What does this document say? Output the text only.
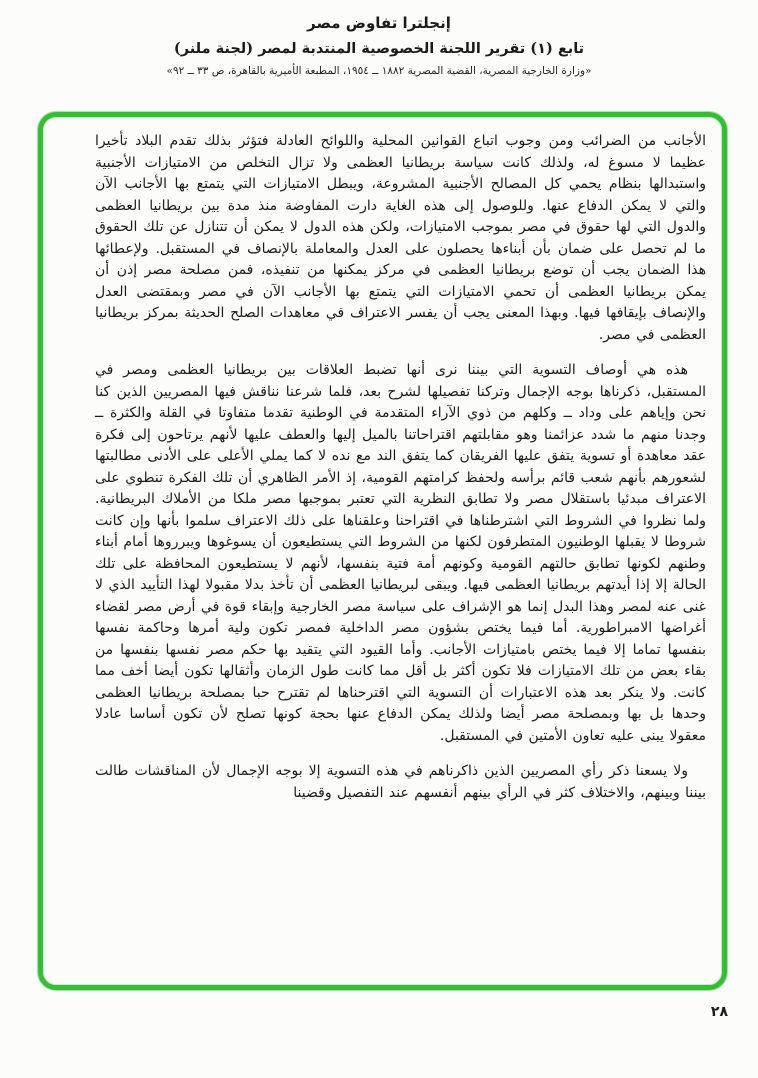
إنجلترا تفاوض مصر
تابع (١) تقرير اللجنة الخصوصية المنتدبة لمصر (لجنة ملنر)
«وزارة الخارجية المصرية، القضية المصرية ١٨٨٢ ــ ١٩٥٤، المطبعة الأميرية بالقاهرة، ص ٣٣ ــ ٩٢»

الأجانب من الضرائب ومن وجوب اتباع القوانين المحلية واللوائح العادلة فتؤثر بذلك تقدم البلاد تأخيرا عظيما لا مسوغ له، ولذلك كانت سياسة بريطانيا العظمى ولا تزال التخلص من الامتيازات الأجنبية واستبدالها بنظام يحمي كل المصالح الأجنبية المشروعة، ويبطل الامتيازات التي يتمتع بها الأجانب الآن والتي لا يمكن الدفاع عنها. وللوصول إلى هذه الغاية دارت المفاوضة منذ مدة بين بريطانيا العظمى والدول التي لها حقوق في مصر بموجب الامتيازات، ولكن هذه الدول لا يمكن أن تتنازل عن تلك الحقوق ما لم تحصل على ضمان بأن أبناءها يحصلون على العدل والمعاملة بالإنصاف في المستقبل. ولإعطائها هذا الضمان يجب أن توضع بريطانيا العظمى في مركز يمكنها من تنفيذه، فمن مصلحة مصر إذن أن يمكن بريطانيا العظمى أن تحمي الامتيازات التي يتمتع بها الأجانب الآن في مصر وبمقتضى العدل والإنصاف بإيقافها فيها. وبهذا المعنى يجب أن يفسر الاعتراف في معاهدات الصلح الحديثة بمركز بريطانيا العظمى في مصر.

هذه هي أوصاف التسوية التي بيننا نرى أنها تضبط العلاقات بين بريطانيا العظمى ومصر في المستقبل، ذكرناها بوجه الإجمال وتركنا تفصيلها لشرح بعد، فلما شرعنا نناقش فيها المصريين الذين كنا نحن وإياهم على وداد ــ وكلهم من ذوي الآراء المتقدمة في الوطنية تقدما متفاوتا في القلة والكثرة ــ وجدنا منهم ما شدد عزائمنا وهو مقابلتهم اقتراحاتنا بالميل إليها والعطف عليها لأنهم يرتاحون إلى فكرة عقد معاهدة أو تسوية يتفق عليها الفريقان كما يتفق الند مع نده لا كما يملي الأعلى على الأدنى مطالبتها لشعورهم بأنهم شعب قائم برأسه ولحفظ كرامتهم القومية، إذ الأمر الظاهري أن تلك الفكرة تنطوي على الاعتراف مبدئيا باستقلال مصر ولا تطابق النظرية التي تعتبر بموجبها مصر ملكا من الأملاك البريطانية. ولما نظروا في الشروط التي اشترطناها في اقتراحنا وعلقناها على ذلك الاعتراف سلموا بأنها وإن كانت شروطا لا يقبلها الوطنيون المتطرفون لكنها من الشروط التي يستطيعون أن يسوغوها ويبرروها أمام أبناء وطنهم لكونها تطابق حالتهم القومية وكونهم أمة فتية بنفسها، لأنهم لا يستطيعون المحافظة على تلك الحالة إلا إذا أيدتهم بريطانيا العظمى فيها. ويبقى لبريطانيا العظمى أن تأخذ بدلا مقبولا لهذا التأييد الذي لا غنى عنه لمصر وهذا البدل إنما هو الإشراف على سياسة مصر الخارجية وإبقاء قوة في أرض مصر لقضاء أغراضها الامبراطورية. أما فيما يختص بشؤون مصر الداخلية فمصر تكون ولية أمرها وحاكمة نفسها بنفسها تماما إلا فيما يختص بامتيازات الأجانب. وأما القيود التي يتقيد بها حكم مصر نفسها بنفسها من بقاء بعض من تلك الامتيازات فلا تكون أكثر بل أقل مما كانت طول الزمان وأثقالها تكون أيضا أخف مما كانت. ولا ينكر بعد هذه الاعتبارات أن التسوية التي اقترحناها لم تقترح حبا بمصلحة بريطانيا العظمى وحدها بل بها وبمصلحة مصر أيضا ولذلك يمكن الدفاع عنها بحجة كونها تصلح لأن تكون أساسا عادلا معقولا يبنى عليه تعاون الأمتين في المستقبل.

ولا يسعنا ذكر رأي المصريين الذين ذاكرناهم في هذه التسوية إلا بوجه الإجمال لأن المناقشات طالت بيننا وبينهم، والاختلاف كثر في الرأي بينهم أنفسهم عند التفصيل وقضينا

٢٨
